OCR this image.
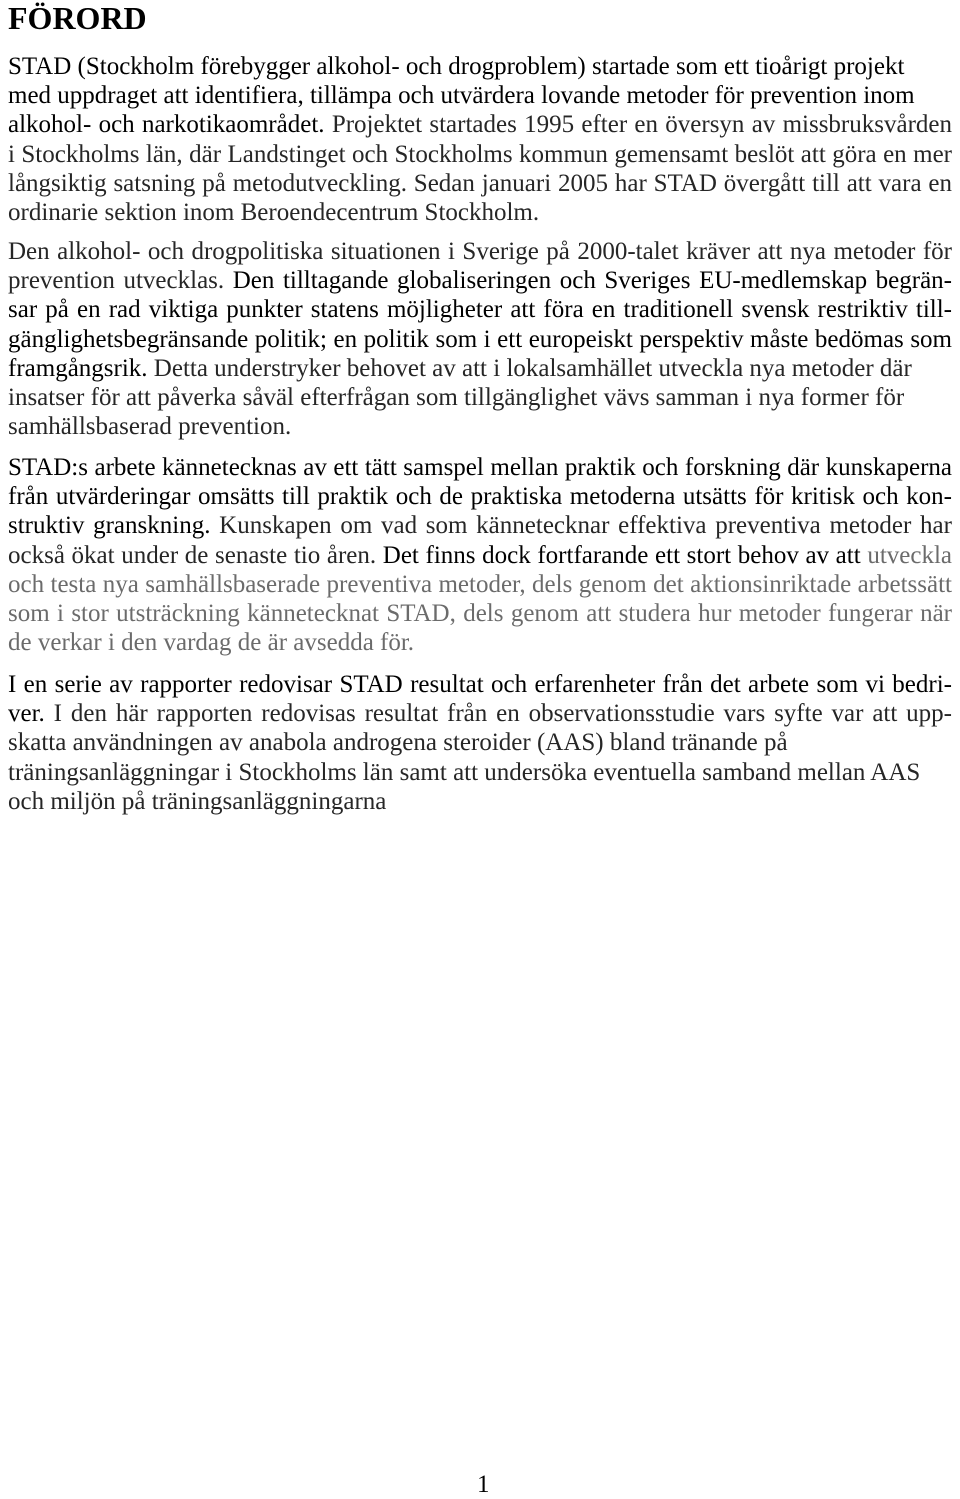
FÖRORD
STAD (Stockholm förebygger alkohol- och drogproblem) startade som ett tioårigt projekt
med uppdraget att identifiera, tillämpa och utvärdera lovande metoder för prevention inom
alkohol- och narkotikaområdet. Projektet startades 1995 efter en översyn av missbruksvården
i Stockholms län, där Landstinget och Stockholms kommun gemensamt beslöt att göra en mer
långsiktig satsning på metodutveckling. Sedan januari 2005 har STAD övergått till att vara en
ordinarie sektion inom Beroendecentrum Stockholm.
Den alkohol- och drogpolitiska situationen i Sverige på 2000-talet kräver att nya metoder för
prevention utvecklas. Den tilltagande globaliseringen och Sveriges EU-medlemskap begrän-
sar på en rad viktiga punkter statens möjligheter att föra en traditionell svensk restriktiv till-
gänglighetsbegränsande politik; en politik som i ett europeiskt perspektiv måste bedömas som
framgångsrik. Detta understryker behovet av att i lokalsamhället utveckla nya metoder där
insatser för att påverka såväl efterfrågan som tillgänglighet vävs samman i nya former för
samhällsbaserad prevention.
STAD:s arbete kännetecknas av ett tätt samspel mellan praktik och forskning där kunskaperna
från utvärderingar omsätts till praktik och de praktiska metoderna utsätts för kritisk och kon-
struktiv granskning. Kunskapen om vad som kännetecknar effektiva preventiva metoder har
också ökat under de senaste tio åren. Det finns dock fortfarande ett stort behov av att utveckla
och testa nya samhällsbaserade preventiva metoder, dels genom det aktionsinriktade arbetssätt
som i stor utsträckning kännetecknat STAD, dels genom att studera hur metoder fungerar när
de verkar i den vardag de är avsedda för.
I en serie av rapporter redovisar STAD resultat och erfarenheter från det arbete som vi bedri-
ver. I den här rapporten redovisas resultat från en observationsstudie vars syfte var att upp-
skatta användningen av anabola androgena steroider (AAS) bland tränande på
träningsanläggningar i Stockholms län samt att undersöka eventuella samband mellan AAS
och miljön på träningsanläggningarna
1
